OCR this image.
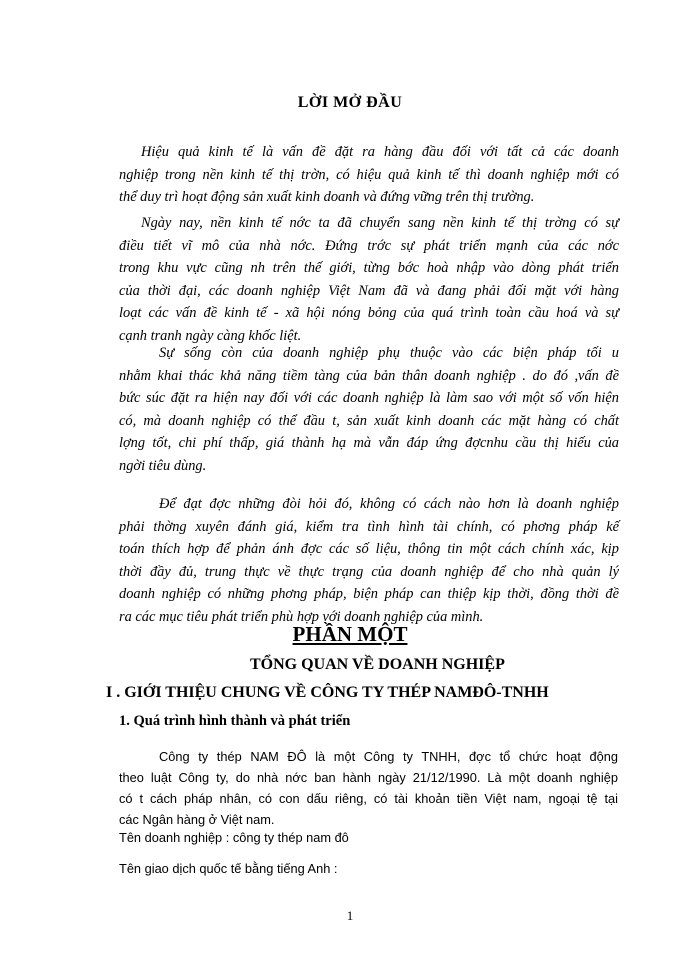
LỜI MỞ ĐẦU
Hiệu quả kinh tế là vấn đề đặt ra hàng đầu đối với tất cả các doanh
nghiệp trong nền kinh tế thị trờn, có hiệu quả kinh tế thì doanh nghiệp mới có
thể duy trì hoạt động sản xuất kinh doanh và đứng vững trên thị trường.
Ngày nay, nền kinh tế nớc ta đã chuyển sang nền kinh tế thị trờng có sự
điều tiết vĩ mô của nhà nớc. Đứng trớc sự phát triển mạnh của các nớc
trong khu vực cũng nh trên thế giới, từng bớc hoà nhập vào dòng phát triển
của thời đại, các doanh nghiệp Việt Nam đã và đang phải đối mặt với hàng
loạt các vấn đề kinh tế - xã hội nóng bỏng của quá trình toàn cầu hoá và sự
cạnh tranh ngày càng khốc liệt.
Sự sống còn của doanh nghiệp phụ thuộc vào các biện pháp tối u
nhằm khai thác khả năng tiềm tàng của bản thân doanh nghiệp . do đó ,vấn đề
bức súc đặt ra hiện nay đối với các doanh nghiệp là làm sao với một số vốn hiện
có, mà doanh nghiệp có thể đầu t, sản xuất kinh doanh các mặt hàng có chất
lợng tốt, chi phí thấp, giá thành hạ mà vẫn đáp ứng đợcnhu cầu thị hiếu của
ngời tiêu dùng.
Để đạt đợc những đòi hỏi đó, không có cách nào hơn là doanh nghiệp
phải thờng xuyên đánh giá, kiểm tra tình hình tài chính, có phơng pháp kế
toán thích hợp để phản ánh đợc các số liệu, thông tin một cách chính xác, kịp
thời đầy đủ, trung thực về thực trạng của doanh nghiệp để cho nhà quản lý
doanh nghiệp có những phơng pháp, biện pháp can thiệp kịp thời, đồng thời đề
ra các mục tiêu phát triển phù hợp với doanh nghiệp của mình.
PHẦN MỘT
TỔNG QUAN VỀ DOANH NGHIỆP
I . GIỚI THIỆU CHUNG VỀ CÔNG TY THÉP NAMĐÔ-TNHH
1. Quá trình hình thành và phát triển
Công ty thép NAM ĐÔ là một Công ty TNHH, đợc tổ chức hoạt động
theo luật Công ty, do nhà nớc ban hành ngày 21/12/1990. Là một doanh nghiệp
có t cách pháp nhân, có con dấu riêng, có tài khoản tiền Việt nam, ngoại tệ tại
các Ngân hàng ở Việt nam.
Tên doanh nghiệp : công ty thép nam đô
Tên giao dịch quốc tế bằng tiếng Anh :
1
